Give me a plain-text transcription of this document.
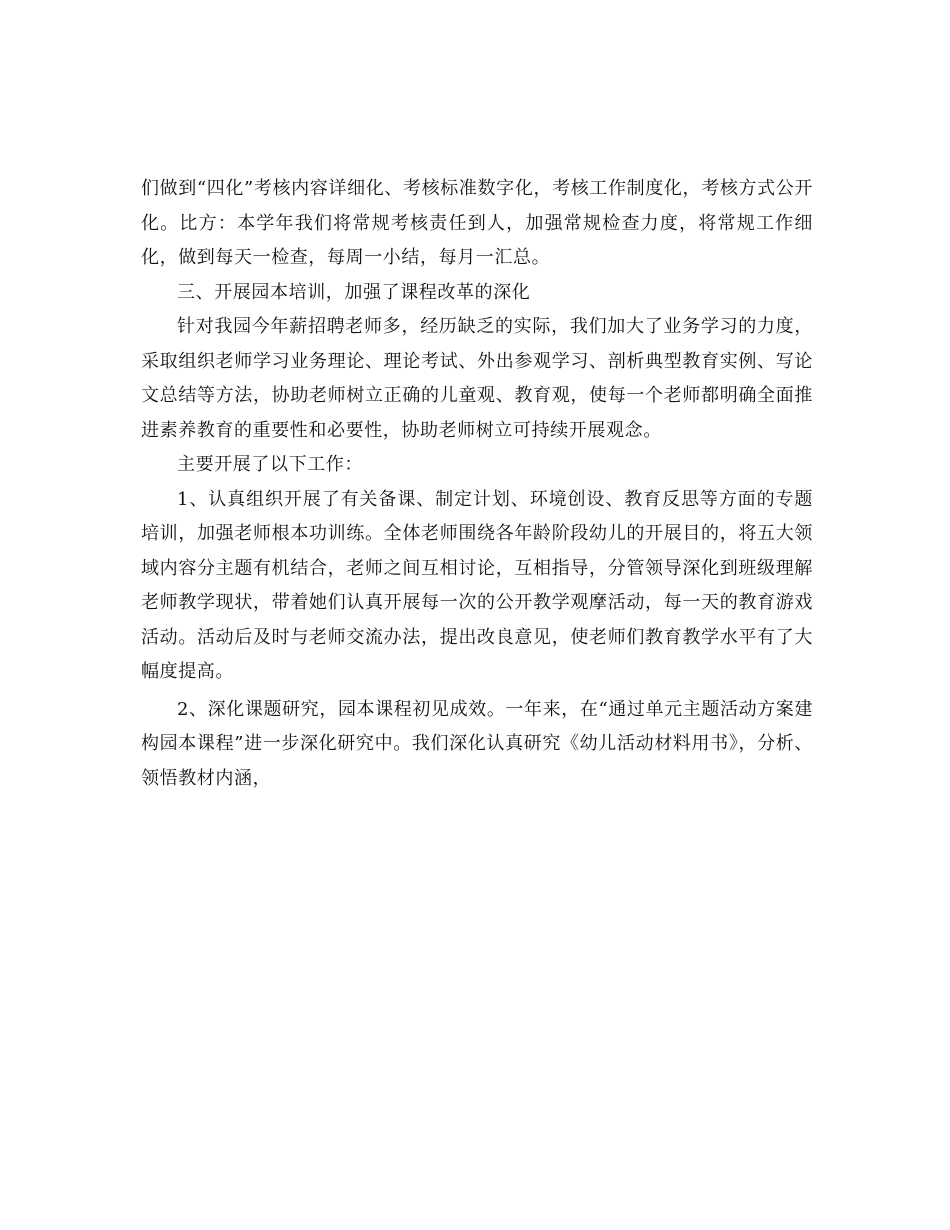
们做到“四化”考核内容详细化、考核标准数字化，考核工作制度化，考核方式公开化。比方：本学年我们将常规考核责任到人，加强常规检查力度，将常规工作细化，做到每天一检查，每周一小结，每月一汇总。

三、开展园本培训，加强了课程改革的深化

针对我园今年薪招聘老师多，经历缺乏的实际，我们加大了业务学习的力度，采取组织老师学习业务理论、理论考试、外出参观学习、剖析典型教育实例、写论文总结等方法，协助老师树立正确的儿童观、教育观，使每一个老师都明确全面推进素养教育的重要性和必要性，协助老师树立可持续开展观念。

主要开展了以下工作：

1、认真组织开展了有关备课、制定计划、环境创设、教育反思等方面的专题培训，加强老师根本功训练。全体老师围绕各年龄阶段幼儿的开展目的，将五大领域内容分主题有机结合，老师之间互相讨论，互相指导，分管领导深化到班级理解老师教学现状，带着她们认真开展每一次的公开教学观摩活动，每一天的教育游戏活动。活动后及时与老师交流办法，提出改良意见，使老师们教育教学水平有了大幅度提高。

2、深化课题研究，园本课程初见成效。一年来，在“通过单元主题活动方案建构园本课程”进一步深化研究中。我们深化认真研究《幼儿活动材料用书》，分析、领悟教材内涵，
